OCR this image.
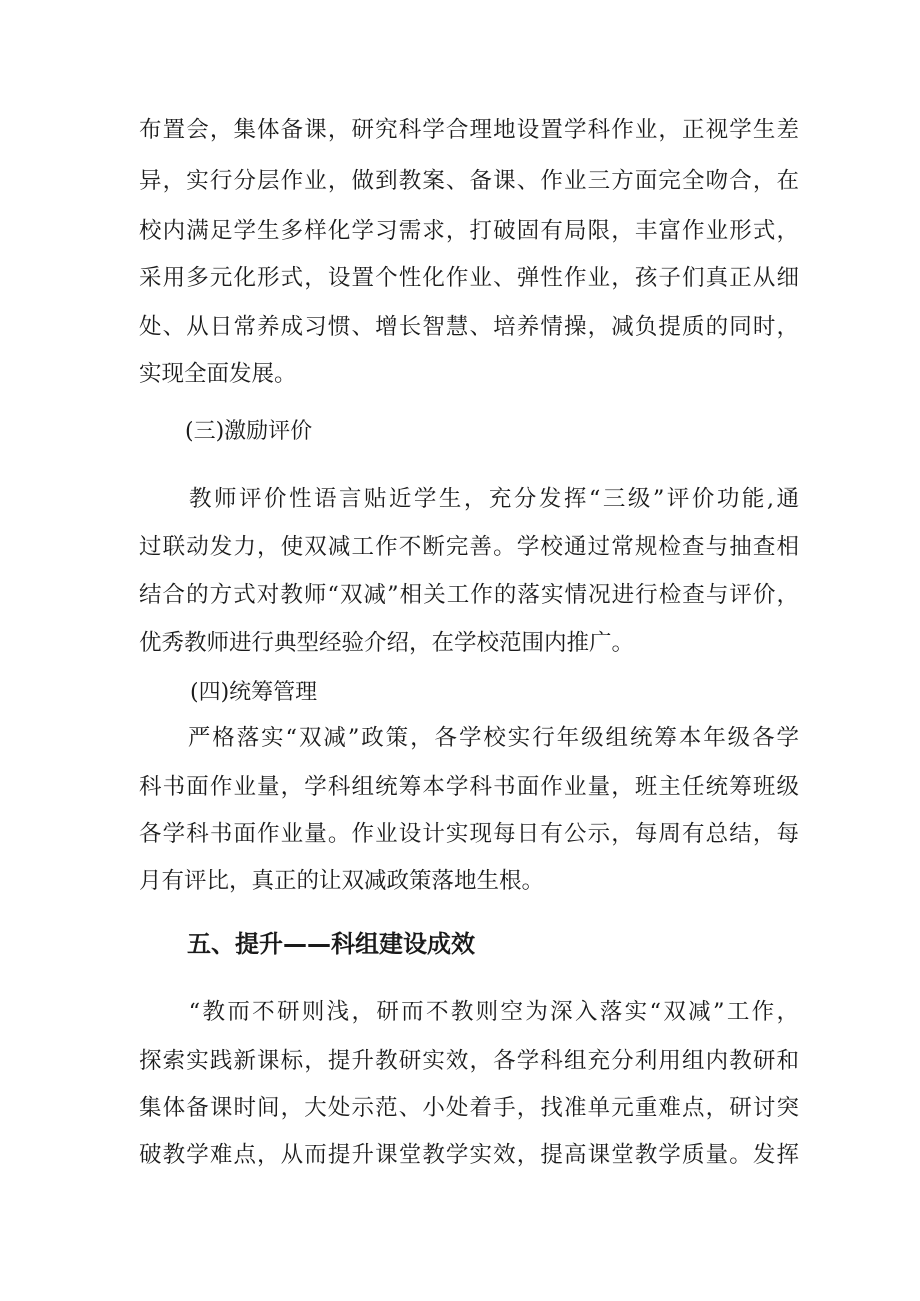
布置会，集体备课，研究科学合理地设置学科作业，正视学生差
异，实行分层作业，做到教案、备课、作业三方面完全吻合，在
校内满足学生多样化学习需求，打破固有局限，丰富作业形式，
采用多元化形式，设置个性化作业、弹性作业，孩子们真正从细
处、从日常养成习惯、增长智慧、培养情操，减负提质的同时，
实现全面发展。
(三)激励评价
　　教师评价性语言贴近学生，充分发挥“三级”评价功能,通
过联动发力，使双减工作不断完善。学校通过常规检查与抽查相
结合的方式对教师“双减”相关工作的落实情况进行检查与评价，
优秀教师进行典型经验介绍，在学校范围内推广。
(四)统筹管理
　　严格落实“双减”政策，各学校实行年级组统筹本年级各学
科书面作业量，学科组统筹本学科书面作业量，班主任统筹班级
各学科书面作业量。作业设计实现每日有公示，每周有总结，每
月有评比，真正的让双减政策落地生根。
五、提升——科组建设成效
　　“教而不研则浅，研而不教则空为深入落实“双减”工作，
探索实践新课标，提升教研实效，各学科组充分利用组内教研和
集体备课时间，大处示范、小处着手，找准单元重难点，研讨突
破教学难点，从而提升课堂教学实效，提高课堂教学质量。发挥
